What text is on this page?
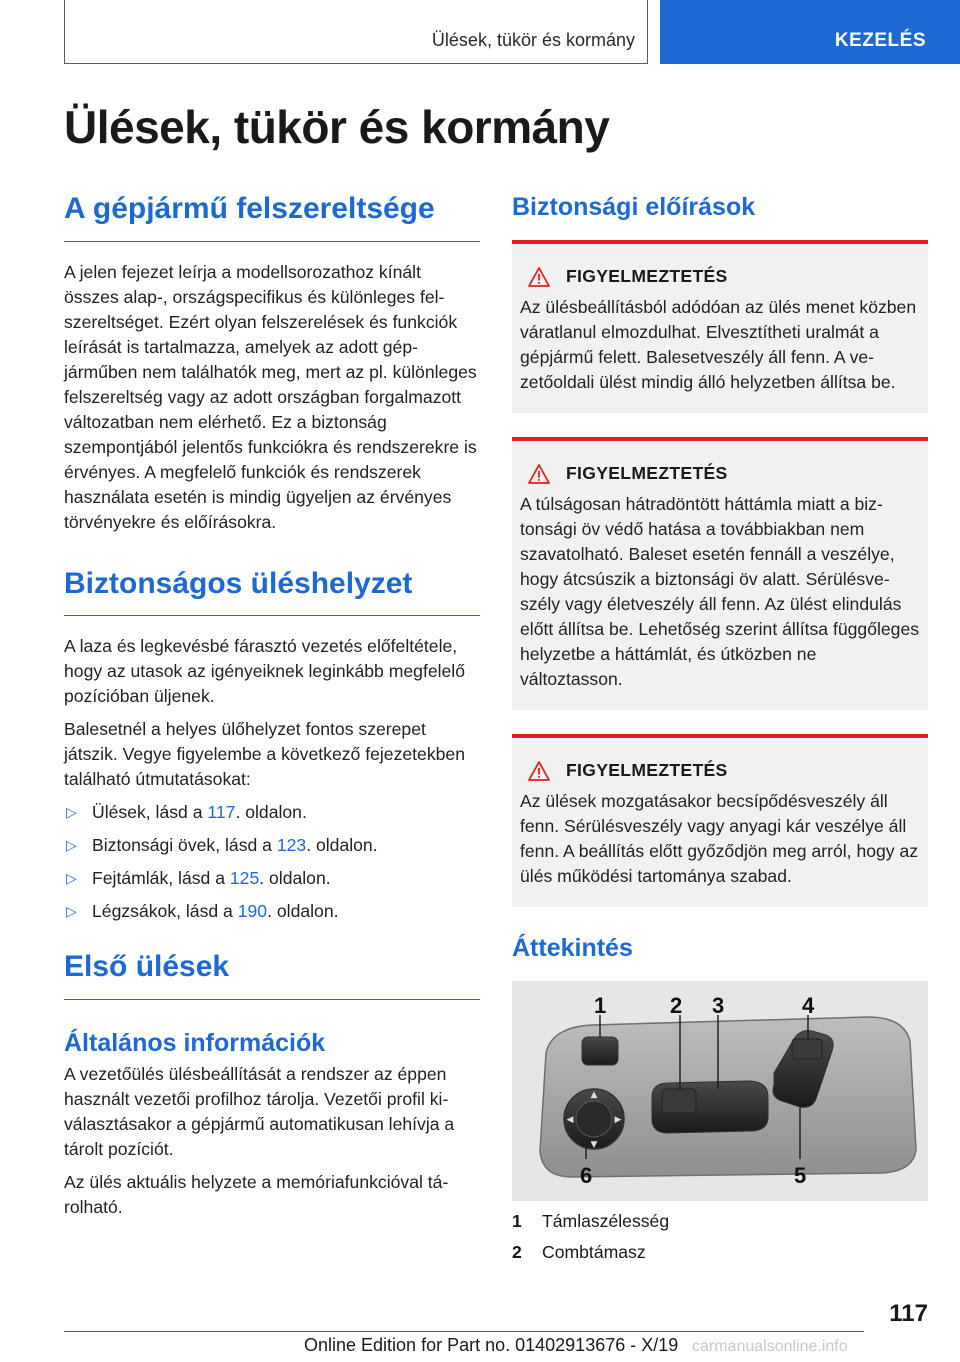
Ülések, tükör és kormány	KEZELÉS
Ülések, tükör és kormány
A gépjármű felszereltsége

A jelen fejezet leírja a modellsorozathoz kínált összes alap-, országspecifikus és különleges felszereltséget. Ezért olyan felszerelések és funkciók leírását is tartalmazza, amelyek az adott gépjárműben nem találhatók meg, mert az pl. különleges felszereltség vagy az adott országban forgalmazott változatban nem elérhető. Ez a biztonság szempontjából jelentős funkciókra és rendszerekre is érvényes. A megfelelő funkciók és rendszerek használata esetén is mindig ügyeljen az érvényes törvényekre és előírásokra.

Biztonságos üléshelyzet

A laza és legkevésbé fárasztó vezetés előfeltétele, hogy az utasok az igényeiknek leginkább megfelelő pozícióban üljenek.

Balesetnél a helyes ülőhelyzet fontos szerepet játszik. Vegye figyelembe a következő fejezetekben található útmutatásokat:

▷ Ülések, lásd a 117. oldalon.
▷ Biztonsági övek, lásd a 123. oldalon.
▷ Fejtámlák, lásd a 125. oldalon.
▷ Légzsákok, lásd a 190. oldalon.
Első ülések
Általános információk

A vezetőülés ülésbeállítását a rendszer az éppen használt vezetői profilhoz tárolja. Vezetői profil kiválasztásakor a gépjármű automatikusan lehívja a tárolt pozíciót.

Az ülés aktuális helyzete a memóriafunkcióval tárolható.

Biztonsági előírások
FIGYELMEZTETÉS

Az ülésbeállításból adódóan az ülés menet közben váratlanul elmozdulhat. Elvesztítheti uralmát a gépjármű felett. Balesetveszély áll fenn. A vezetőoldali ülést mindig álló helyzetben állítsa be.

FIGYELMEZTETÉS

A túlságosan hátradöntött háttámla miatt a biztonsági öv védő hatása a továbbiakban nem szavatolható. Baleset esetén fennáll a veszélye, hogy átcsúszik a biztonsági öv alatt. Sérülésveszély vagy életveszély áll fenn. Az ülést elindulás előtt állítsa be. Lehetőség szerint állítsa függőleges helyzetbe a háttámlát, és útközben ne változtasson.

FIGYELMEZTETÉS

Az ülések mozgatásakor becsípődésveszély áll fenn. Sérülésveszély vagy anyagi kár veszélye áll fenn. A beállítás előtt győződjön meg arról, hogy az ülés működési tartománya szabad.

Áttekintés
▲
▼
◀	▶
1	2 3	4
5
6
1	Támlaszélesség
2	Combtámasz
117
Online Edition for Part no. 01402913676 - X/19 carmanualsonline.info
